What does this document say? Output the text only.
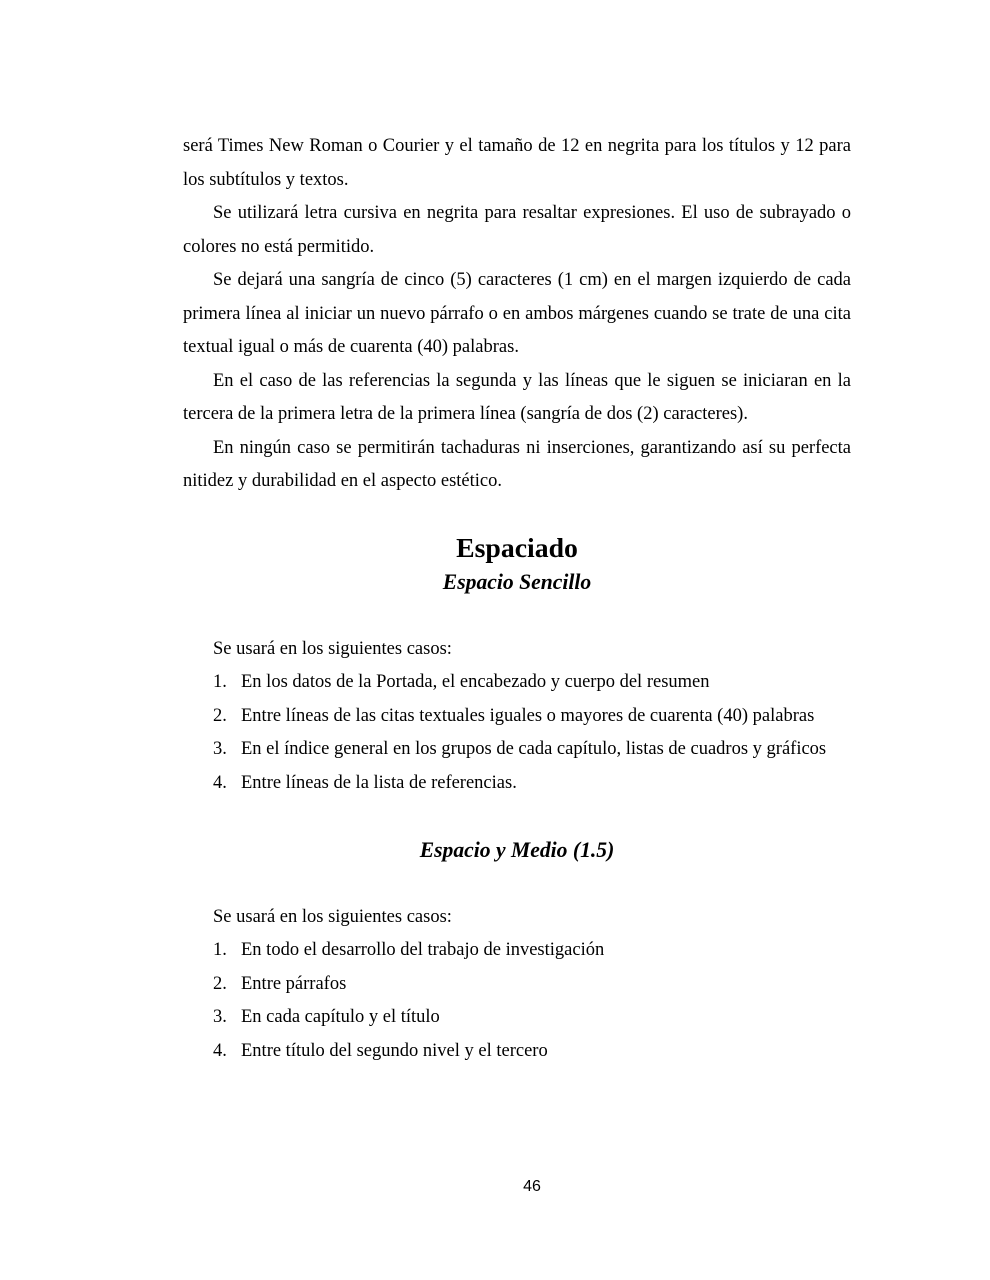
será Times New Roman o Courier y el tamaño de 12 en negrita para los títulos y 12 para los subtítulos y textos.

Se utilizará letra cursiva en negrita para resaltar expresiones. El uso de subrayado o colores no está permitido.

Se dejará una sangría de cinco (5) caracteres (1 cm) en el margen izquierdo de cada primera línea al iniciar un nuevo párrafo o en ambos márgenes cuando se trate de una cita textual igual o más de cuarenta (40) palabras.

En el caso de las referencias la segunda y las líneas que le siguen se iniciaran en la tercera de la primera letra de la primera línea (sangría de dos (2) caracteres).

En ningún caso se permitirán tachaduras ni inserciones, garantizando así su perfecta nitidez y durabilidad en el aspecto estético.

Espaciado
Espacio Sencillo

Se usará en los siguientes casos:

1. En los datos de la Portada, el encabezado y cuerpo del resumen
2. Entre líneas de las citas textuales iguales o mayores de cuarenta (40) palabras
3. En el índice general en los grupos de cada capítulo, listas de cuadros y gráficos
4. Entre líneas de la lista de referencias.
Espacio y Medio (1.5)

Se usará en los siguientes casos:

1. En todo el desarrollo del trabajo de investigación
2. Entre párrafos
3. En cada capítulo y el título
4. Entre título del segundo nivel y el tercero
46
